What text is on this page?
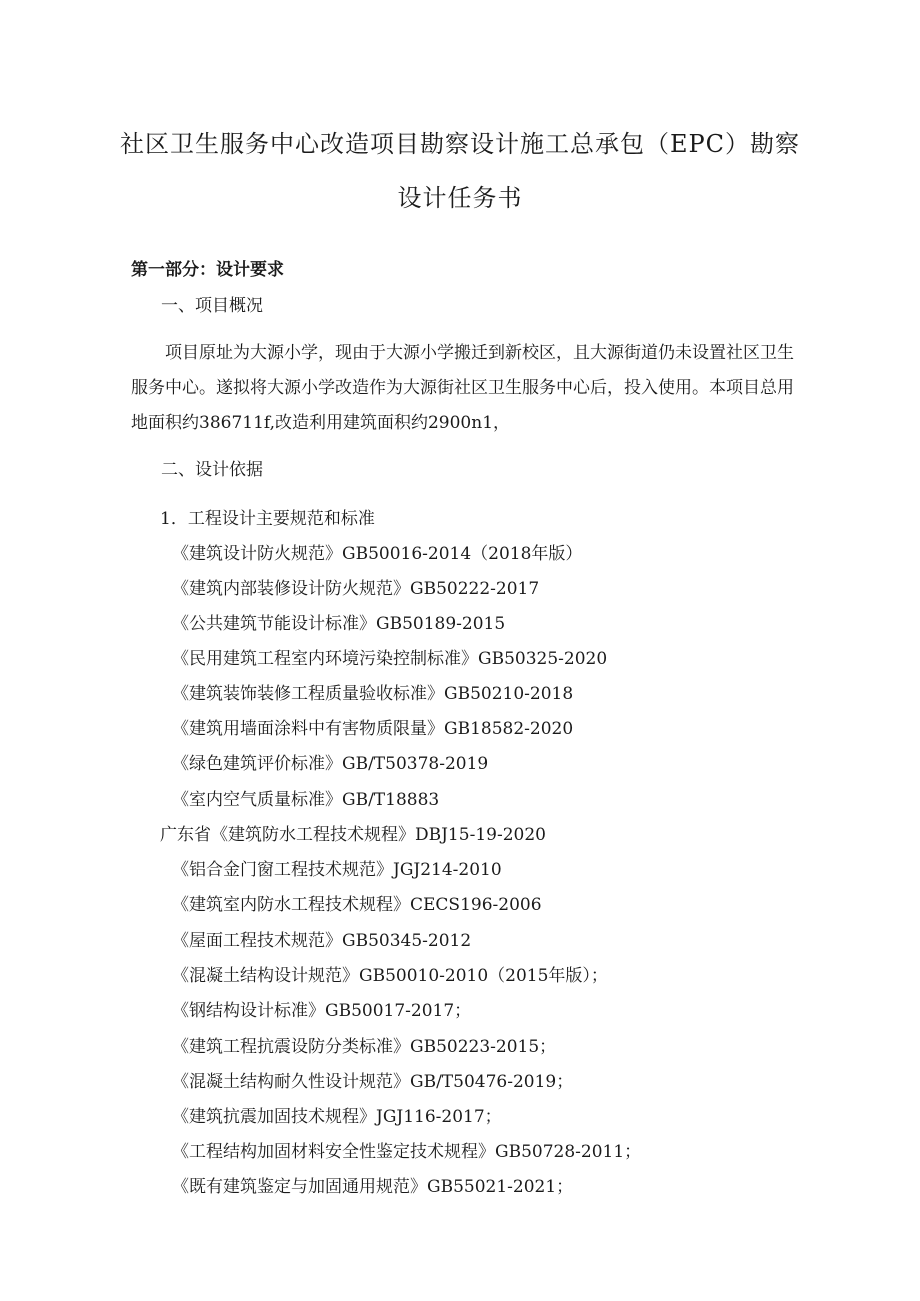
社区卫生服务中心改造项目勘察设计施工总承包（EPC）勘察
设计任务书
第一部分：设计要求
一、项目概况
项目原址为大源小学，现由于大源小学搬迁到新校区，且大源街道仍未设置社区卫生
服务中心。遂拟将大源小学改造作为大源街社区卫生服务中心后，投入使用。本项目总用
地面积约386711f,改造利用建筑面积约2900n1，
二、设计依据
1．工程设计主要规范和标准
《建筑设计防火规范》GB50016-2014（2018年版）
《建筑内部装修设计防火规范》GB50222-2017
《公共建筑节能设计标准》GB50189-2015
《民用建筑工程室内环境污染控制标准》GB50325-2020
《建筑装饰装修工程质量验收标准》GB50210-2018
《建筑用墙面涂料中有害物质限量》GB18582-2020
《绿色建筑评价标准》GB/T50378-2019
《室内空气质量标准》GB/T18883
广东省《建筑防水工程技术规程》DBJ15-19-2020
《铝合金门窗工程技术规范》JGJ214-2010
《建筑室内防水工程技术规程》CECS196-2006
《屋面工程技术规范》GB50345-2012
《混凝土结构设计规范》GB50010-2010（2015年版）；
《钢结构设计标准》GB50017-2017；
《建筑工程抗震设防分类标准》GB50223-2015；
《混凝土结构耐久性设计规范》GB/T50476-2019；
《建筑抗震加固技术规程》JGJ116-2017；
《工程结构加固材料安全性鉴定技术规程》GB50728-2011；
《既有建筑鉴定与加固通用规范》GB55021-2021；
